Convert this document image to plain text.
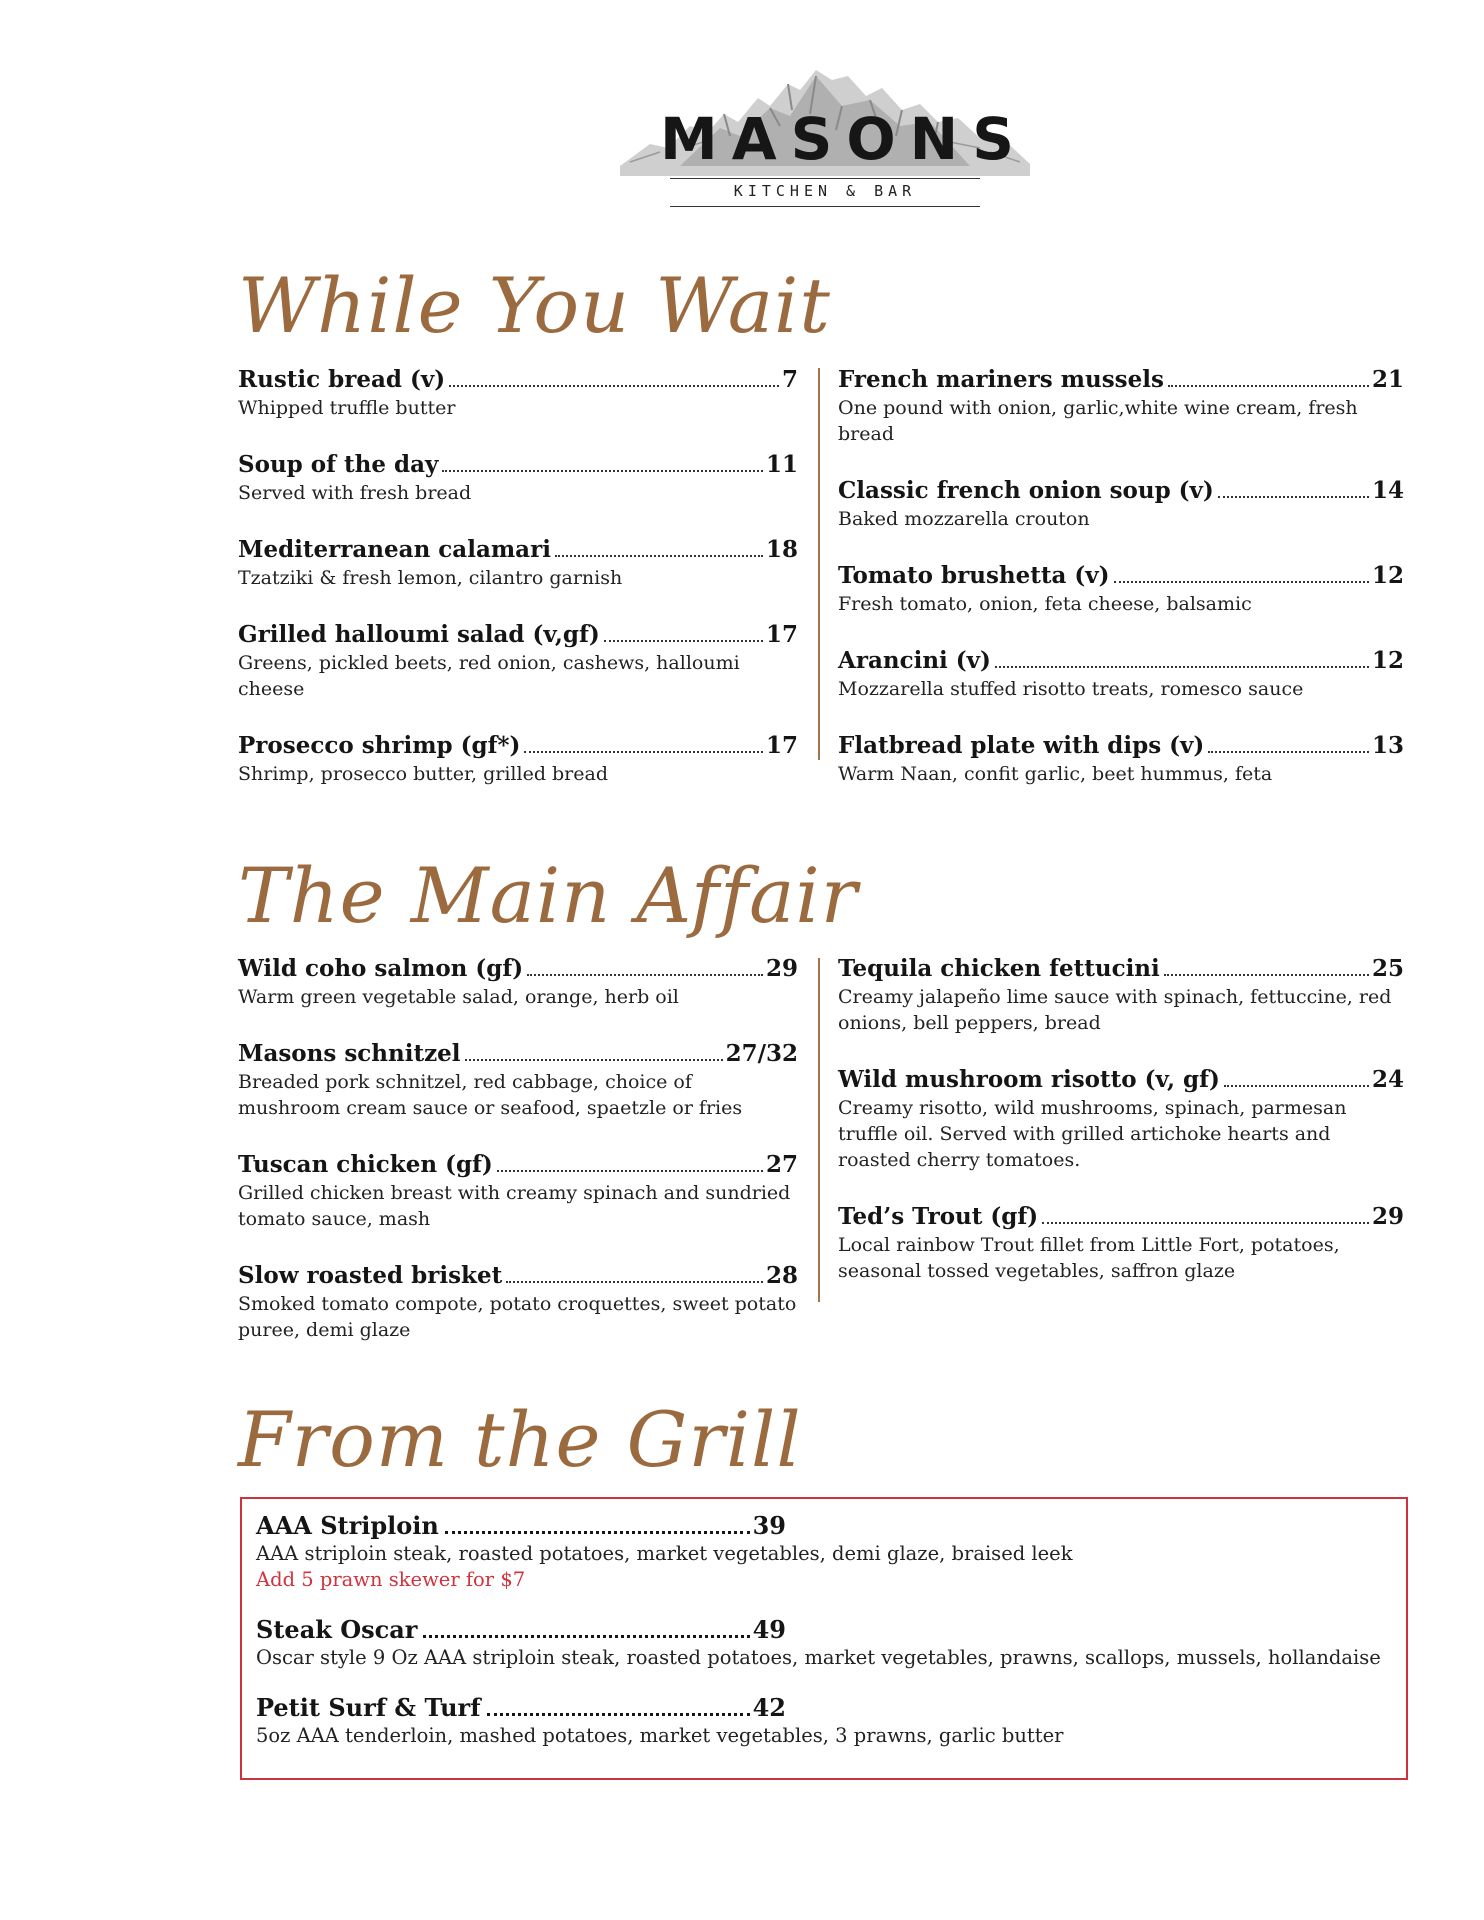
MASONS
KITCHEN & BAR
While You Wait
Rustic bread (v)	7
Whipped truffle butter
Soup of the day	11
Served with fresh bread
Mediterranean calamari	18
Tzatziki & fresh lemon, cilantro garnish
Grilled halloumi salad (v,gf)	17
Greens, pickled beets, red onion, cashews, halloumi cheese
Prosecco shrimp (gf*)	17
Shrimp, prosecco butter, grilled bread
French mariners mussels	21
One pound with onion, garlic,white wine cream, fresh bread
Classic french onion soup (v)	14
Baked mozzarella crouton
Tomato brushetta (v)	12
Fresh tomato, onion, feta cheese, balsamic
Arancini (v)	12
Mozzarella stuffed risotto treats, romesco sauce
Flatbread plate with dips (v)	13
Warm Naan, confit garlic, beet hummus, feta
The Main Affair
Wild coho salmon (gf)	29
Warm green vegetable salad, orange, herb oil
Masons schnitzel	27/32
Breaded pork schnitzel, red cabbage, choice of mushroom cream sauce or seafood, spaetzle or fries
Tuscan chicken (gf)	27
Grilled chicken breast with creamy spinach and sundried tomato sauce, mash
Slow roasted brisket	28
Smoked tomato compote, potato croquettes, sweet potato puree, demi glaze
Tequila chicken fettucini	25
Creamy jalapeño lime sauce with spinach, fettuccine, red onions, bell peppers, bread
Wild mushroom risotto (v, gf)	24
Creamy risotto, wild mushrooms, spinach, parmesan truffle oil. Served with grilled artichoke hearts and roasted cherry tomatoes.
Ted’s Trout (gf)	29
Local rainbow Trout fillet from Little Fort, potatoes, seasonal tossed vegetables, saffron glaze
From the Grill
AAA Striploin	39
AAA striploin steak, roasted potatoes, market vegetables, demi glaze, braised leek
Add 5 prawn skewer for $7
Steak Oscar	49
Oscar style 9 Oz AAA striploin steak, roasted potatoes, market vegetables, prawns, scallops, mussels, hollandaise
Petit Surf & Turf	42
5oz AAA tenderloin, mashed potatoes, market vegetables, 3 prawns, garlic butter
